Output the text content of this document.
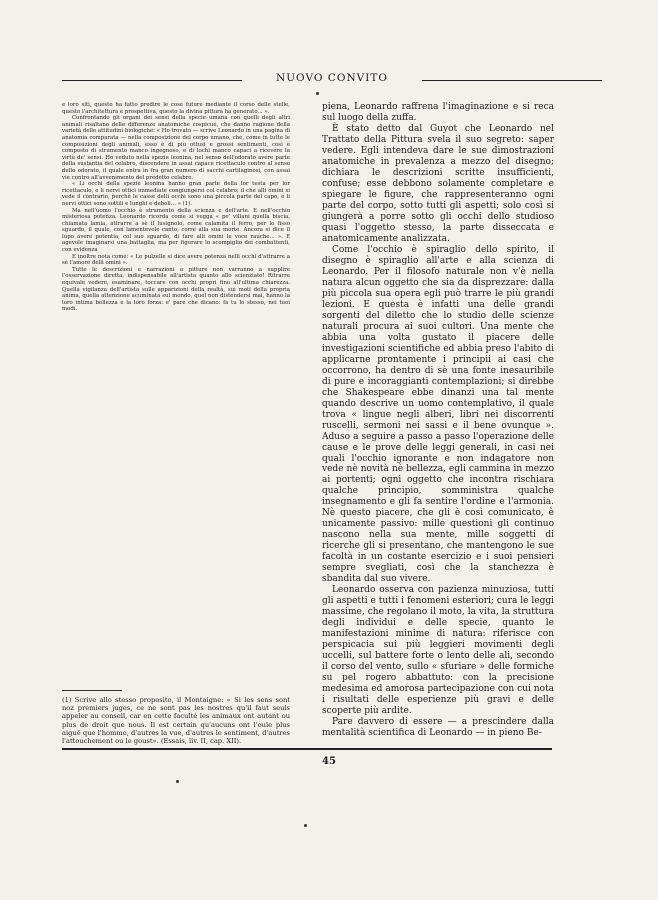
NUOVO CONVITO

e loro siti, questo ha fatto predire le cose future mediante il corso delle stelle, questo l'architettura e prospettiva, questo la divina pittura ha generato... ».

Confrontando gli organi dei sensi della specie umana con quelli degli altri animali risaltano delle differenze anatomiche cospicue, che danno ragione della varietà delle attitudini biologiche: « Ho trovato — scrive Leonardo in una pagina di anatomia comparata — nella composizione del corpo umano, che, come in tutte le composizioni degli animali, esso è di più ottusi e grossi sentimenti, così è composto di strumento manco ingegnoso, e di lochi manco capaci a ricevere la virtù de' sensi. Ho veduto nella spezie leonina, nel senso dell'odorato avere parte della sustantia del celabro, discendere in assai capace ricettaculo contro al senso dello odorato, il quale entra in fra gran numero di sacchi cartilaginosi, con assai vie contro all'avvenimento del predetto celabro.

« Li occhi della spezie leonina hanno gran parte della lor testa per lor ricettaculo, e li nervi ottici immediate congiungersi col celabro; il che alli omini si vede il contrario, perchè le casse delli occhi sono una piccola parte del capo, e li nervi ottici sono sottili e lunghi e deboli... » (1).

Ma nell'uomo l'occhio è strumento della scienza e dell'arte. E nell'occhio misteriosa potenza. Leonardo ricorda come si vegga « pe' villani quella biscia, chiamata lamia, attrarre a sè il lusignolo, come calamita il ferro, per lo fisso sguardo, il quale, con lamentevole canto, corre alla sua morte. Ancora si dice il lupo avere potentia, col suo sguardo, di fare alli omini le voce rauche... ». E agevole imaginarsi una battaglia, ma per figurare lo scompiglio dei combattenti, con evidenza

E inoltre nota come: « Le pulzelle si dice avere potenza nelli occhi d'attrarre a sè l'amore delli omini ».

Tutte le descrizioni e narrazioni e pitture non varranno a supplire l'osservazione diretta, indispensabile all'artista quanto allo scienziato! Ritrarre equivale vedere, esaminare, toccare con occhi propri fino all'ultima chiarezza. Quella vigilanza dell'artista sulle apparizioni della realtà, sui moti della propria anima, quella attenzione acuminata sul mondo, quel non distendersi mai, hanno la loro intima bellezza e la loro forza: e' pare che dicano: fa tu lo stesso, nei tuoi modi.

(1) Scrive allo stesso proposito, il Montaigne: « Si les sens sont noz premiers juges, ce ne sont pas les nostres qu'il faut seuls appeler au conseil, car en cette faculté les animaux ont autant ou plus de droit que nous. Il est certain qu'aucuns ont l'ouïe plus aiguë que l'homme, d'autres la vue, d'autres le sentiment, d'autres l'attouchement ou le goust». (Essais, liv. II, cap. XII).

piena, Leonardo raffrena l'imaginazione e si reca sul luogo della zuffa.

È stato detto dal Guyot che Leonardo nel Trattato della Pittura svela il suo segreto: saper vedere. Egli intendeva dare le sue dimostrazioni anatomiche in prevalenza a mezzo del disegno; dichiara le descrizioni scritte insufficienti, confuse; esse debbono solamente completare e spiegare le figure, che rappresenteranno ogni parte del corpo, sotto tutti gli aspetti; solo così si giungerà a porre sotto gli occhi dello studioso quasi l'oggetto stesso, la parte disseccata e anatomicamente analizzata.

Come l'occhio è spiraglio dello spirito, il disegno è spiraglio all'arte e alla scienza di Leonardo. Per il filosofo naturale non v'è nella natura alcun oggetto che sia da disprezzare: dalla più piccola sua opera egli può trarre le più grandi lezioni. E questa è infatti una delle grandi sorgenti del diletto che lo studio delle scienze naturali procura ai suoi cultori. Una mente che abbia una volta gustato il piacere delle investigazioni scientifiche ed abbia preso l'abito di applicarne prontamente i principii ai casi che occorrono, ha dentro di sè una fonte inesauribile di pure e incoraggianti contemplazioni; si direbbe che Shakespeare ebbe dinanzi una tal mente quando descrive un uomo contemplativo, il quale trova « lingue negli alberi, libri nei discorrenti ruscelli, sermoni nei sassi e il bene ovunque ». Aduso a seguire a passo a passo l'operazione delle cause e le prove delle leggi generali, in casi nei quali l'occhio ignorante e non indagatore non vede nè novità nè bellezza, egli cammina in mezzo ai portenti; ogni oggetto che incontra rischiara qualche principio, somministra qualche insegnamento e gli fa sentire l'ordine e l'armonia. Nè questo piacere, che gli è così comunicato, è unicamente passivo: mille questioni gli continuo nascono nella sua mente, mille soggetti di ricerche gli si presentano, che mantengono le sue facoltà in un costante esercizio e i suoi pensieri sempre svegliati, così che la stanchezza è sbandita dal suo vivere.

Leonardo osserva con pazienza minuziosa, tutti gli aspetti e tutti i fenomeni esteriori; cura le leggi massime, che regolano il moto, la vita, la struttura degli individui e delle specie, quanto le manifestazioni minime di natura: riferisce con perspicacia sui più leggieri movimenti degli uccelli, sul battere forte o lento delle ali, secondo il corso del vento, sullo « sfuriare » delle formiche su pel rogero abbattuto: con la precisione medesima ed amorosa partecipazione con cui nota i risultati delle esperienze più gravi e delle scoperte più ardite.

Pare davvero di essere — a prescindere dalla mentalità scientifica di Leonardo — in pieno Be-

45
